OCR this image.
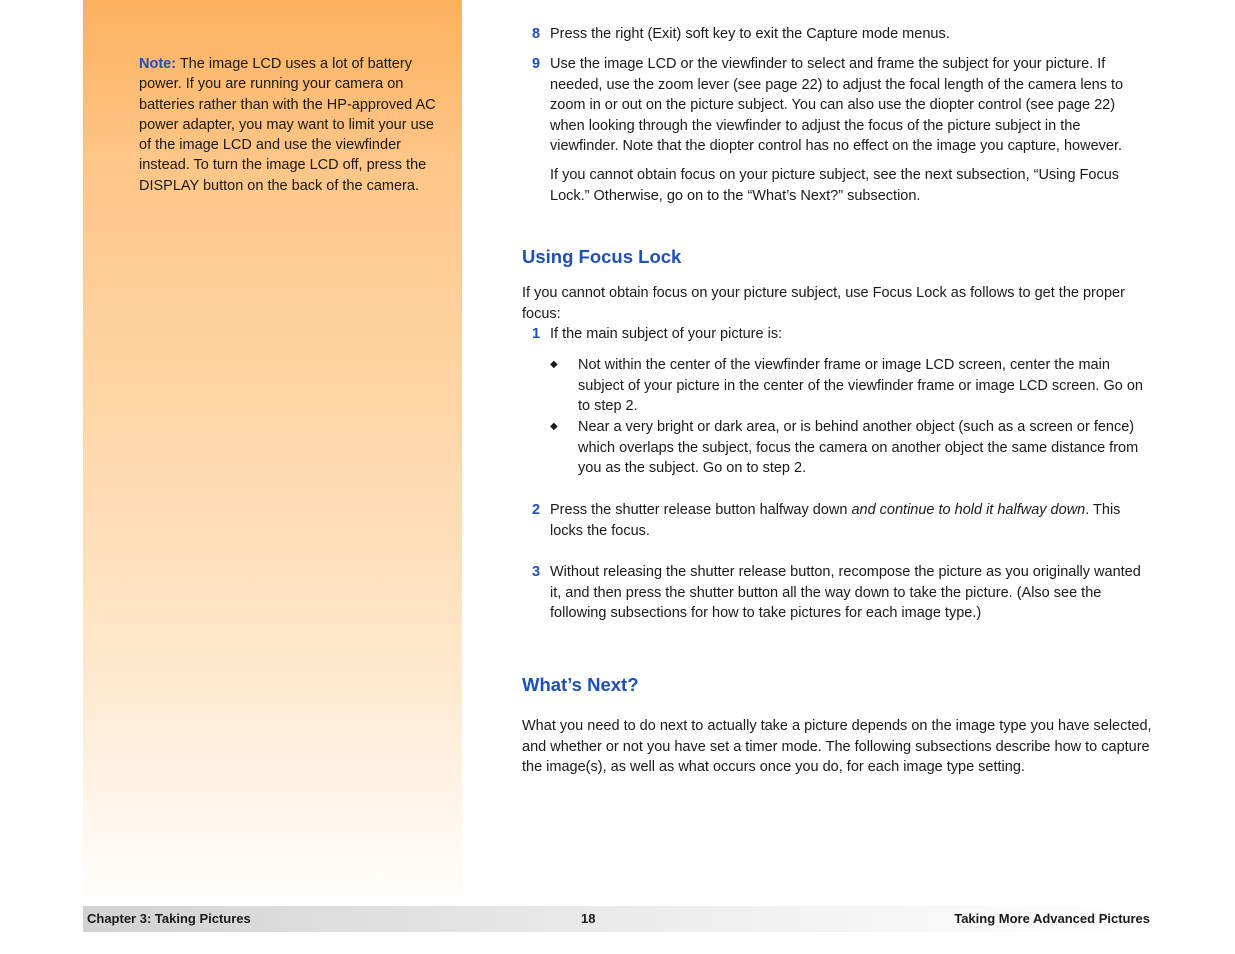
Note: The image LCD uses a lot of battery power. If you are running your camera on batteries rather than with the HP-approved AC power adapter, you may want to limit your use of the image LCD and use the viewfinder instead. To turn the image LCD off, press the DISPLAY button on the back of the camera.
8 Press the right (Exit) soft key to exit the Capture mode menus.
9 Use the image LCD or the viewfinder to select and frame the subject for your picture. If needed, use the zoom lever (see page 22) to adjust the focal length of the camera lens to zoom in or out on the picture subject. You can also use the diopter control (see page 22) when looking through the viewfinder to adjust the focus of the picture subject in the viewfinder. Note that the diopter control has no effect on the image you capture, however.
If you cannot obtain focus on your picture subject, see the next subsection, “Using Focus Lock.” Otherwise, go on to the “What’s Next?” subsection.
Using Focus Lock
If you cannot obtain focus on your picture subject, use Focus Lock as follows to get the proper focus:
1 If the main subject of your picture is:
◆ Not within the center of the viewfinder frame or image LCD screen, center the main subject of your picture in the center of the viewfinder frame or image LCD screen. Go on to step 2.
◆ Near a very bright or dark area, or is behind another object (such as a screen or fence) which overlaps the subject, focus the camera on another object the same distance from you as the subject. Go on to step 2.
2 Press the shutter release button halfway down and continue to hold it halfway down. This locks the focus.
3 Without releasing the shutter release button, recompose the picture as you originally wanted it, and then press the shutter button all the way down to take the picture. (Also see the following subsections for how to take pictures for each image type.)
What’s Next?
What you need to do next to actually take a picture depends on the image type you have selected, and whether or not you have set a timer mode. The following subsections describe how to capture the image(s), as well as what occurs once you do, for each image type setting.
Chapter 3: Taking Pictures	18	Taking More Advanced Pictures
